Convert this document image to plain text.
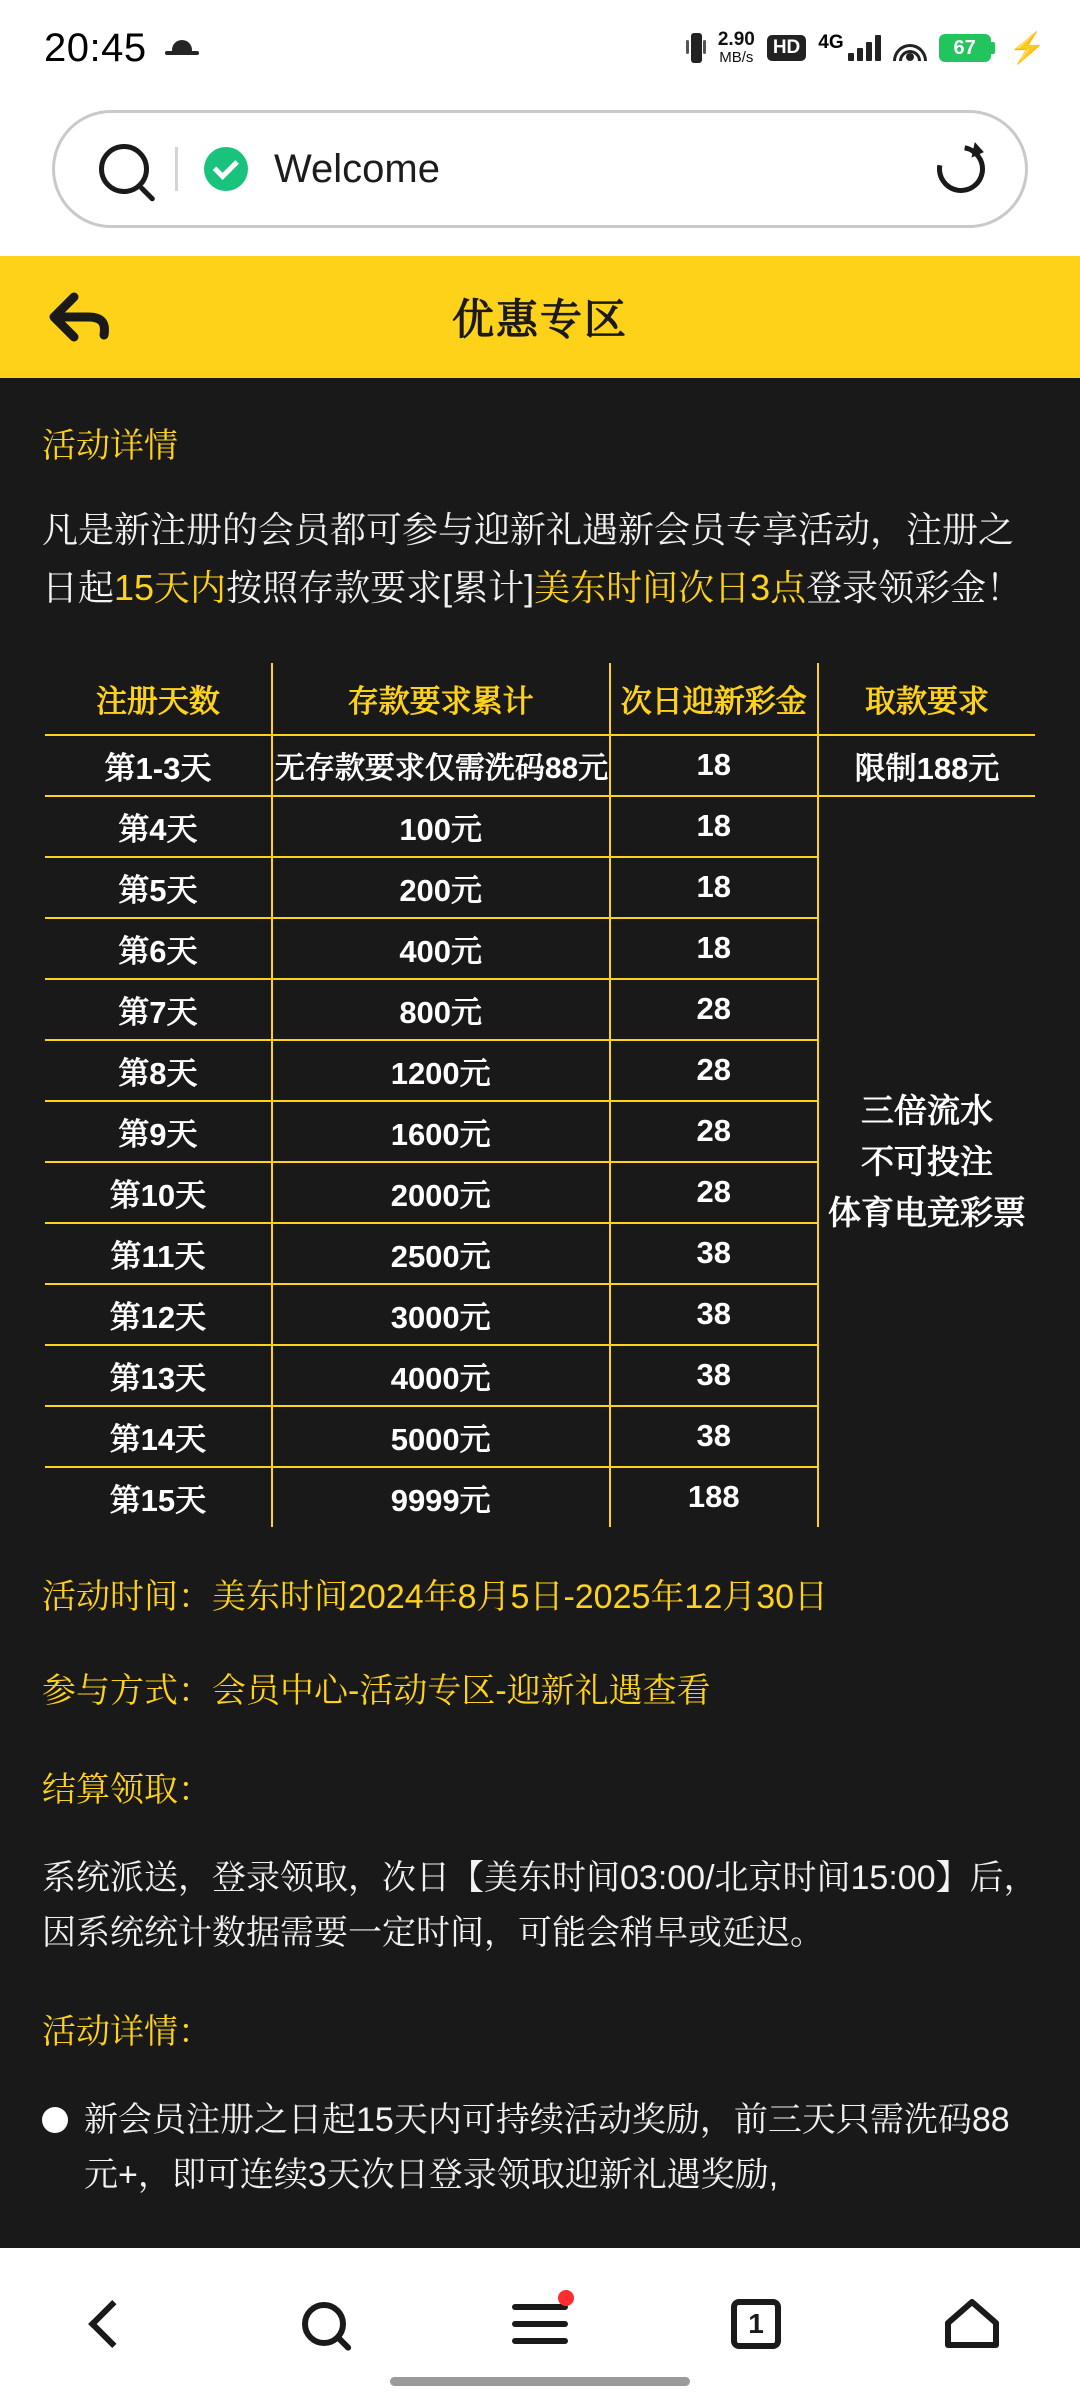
20:45	2.90
MB/s	HD 4G	67	⚡
Welcome
优惠专区
活动详情
凡是新注册的会员都可参与迎新礼遇新会员专享活动，注册之日起15天内按照存款要求[累计]美东时间次日3点登录领彩金！
注册天数	存款要求累计	次日迎新彩金	取款要求
第1-3天	无存款要求仅需洗码88元	18	限制188元
第4天	100元	18	三倍流水
不可投注
体育电竞彩票

第5天	200元	18	
第6天	400元	18	
第7天	800元	28	
第8天	1200元	28	
第9天	1600元	28	
第10天	2000元	28	
第11天	2500元	38	
第12天	3000元	38	
第13天	4000元	38	
第14天	5000元	38	
第15天	9999元	188	
活动时间：美东时间2024年8月5日-2025年12月30日
参与方式：会员中心-活动专区-迎新礼遇查看
结算领取：
系统派送，登录领取，次日【美东时间03:00/北京时间15:00】后，因系统统计数据需要一定时间，可能会稍早或延迟。
活动详情：
新会员注册之日起15天内可持续活动奖励，前三天只需洗码88元+，即可连续3天次日登录领取迎新礼遇奖励,
1
